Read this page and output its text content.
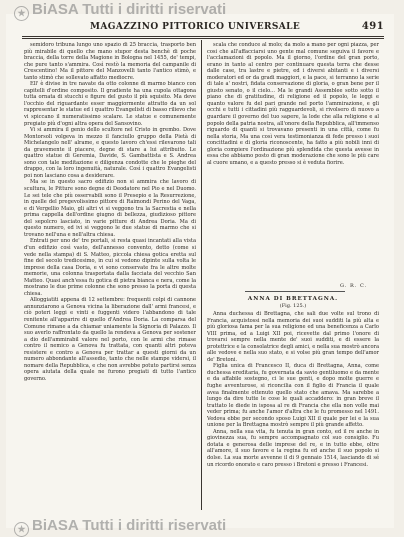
★ BiASA Tutti i diritti riservati
MAGAZZINO PITTORICO UNIVERSALE	491

semidoro tribuna lungo uno spazio di 25 braccia, trasporto ben più mirabile di quello che mano stupor desta benchè di poche braccia, della torre della Magione in Bologna nel 1455, de' tempi, che pure tanto s'ammira. Così restò la memoria del campanile di Crescentino! Ma il pittore del Manzovelli tanto l'antico stimò, e tanto stimò che sollevato affatto mediocre.

Ell' è divise in tre navate da otto colonne di marmo bianco con capitelli d'ordine composito. Il gradiente ha una cupola ottagona tutta ornata di stucchi e figure del gusto il più squisito. Ma deve l'occhio del riguardante esser maggiormente attratto da un sol rappresentar le statue ed i quattro Evangelisti di basso rilievo che vi spiccano il numeratissimo scalare. Le statue e comunemente pregiato più d'ogni altra opera del Sansovino.

Vi si ammira il genio dello scultore nel Cristo in grembo. Dove Montorsoli volgeva in mezzo il fanciullo gruppo della Pietà di Michelangelo nell' alrame, e questo lavoro ch'essi rilevarono tali da gravemente il piacere, degne di stare a lui attribuito. Le quattro statue di Geremia, Davide, S. Gambattista e S. Andrea sono con tale meditazione e diligenza condotte che le pieghe del drappo, con la loro ingenuità, naturale. Così i quattro Evangelisti poi non lasciano cosa a desiderare.

Ma se in questo sacro edifizio non si ammira che lavoro di scultura, le Pitture sono degne di Deodatore nel Pio e nel Duomo. Le sei tele che più osservabili sono il Presepio e la Resurrezione, in quelle del pregevolissimo pittore di Raimondi Perino del Vaga, e di Vergellio Maio, gli altri vi si veggono tra la Sacrestia e nella prima cappella dell'ordine giugno di bellezza, giudizioso pittore del sepolcro lasciato, in varie pitture di Andrea Doria. Ma di questo numero, ed ivi si veggono le due statue di marmo che si trovano nell'una e nell'altra chiesa.

Entrati per uno de' tre portali, si resta quasi incantati alla vista d'un edifizio così vasto, dell'annesso convento, detto (come si vede nella stampa) di S. Matteo, piccola chiesa gotica eretta sul fine del secolo tredicesimo, in cui si vedono dipinte sulla volta le imprese della casa Doria, e vi sono conservate fra le altre molte memorie, una colonna trasportata dalla facciata del vecchio San Matteo. Quasi anch'essa fu gotica di pietra bianca e nera, come la mostrano le due prime colonne che sono presso la porta di questa chiesa.

Alloggiatiti appena di 12 settembre: frequenti colpi di cannone annunziarono a Genova vicina la liberazione dall' armi francesi, e ciò poteri leggi e vinti e fuggenti videro l'abbandono di tale renitente all'apparire di quello d'Andrea Doria. La comparsa del Comune rimane a da chiamar uniamente la Signoria di Palazzo. Il suo averlo raffrontato da quello la rendeva a Genova per sostener a dio dell'ammirabil valore nel porto, con le armi che rimase contro il nemico a Genova fu trattata, con quanti altri poteva resistere e contro a Genova per trattar a questi giorni da un numero abbondante all'assedio, tanto che nelle stampe vidersi, il nomare della Repubblica, e che non avrebbe potuto partirsi senza opera aiutata della quale ne furono pregiati di tutto l'antico governo.

scala che conduce al molo; da molo a mano per ogni piazza, per cosi che all'affacciarsi uno gente mal comune seguiva il favore e l'acclamazioni di popolo. Ma il giorno, l'ordine del gran porto, erano in tanto al centro per continuare questa terra che desse dalle case, tra lastre e pietre, ed i diversi abitanti e i diversi moderatori ed or da gradi maggiori, e la pace, si terranno la serie di tale a' nostri, fidata conservazione di gloria, o gran bene per il giusto senato, o il cielo... Ma le grandi Assemblee sotto sotto il piano che di gratitudine, di religione ed il popolo, le leggi e quanto valore fu del pari grande nel porto l'ammirazione, e gli occhi e tutti i cittadini più ragguardevoli, si rivolsero di nuovo a guardare il governo del tuo sapere, la lode che alla religione e al popolo della patria nostra, all'onore della Repubblica, all'immenso riguardo di quanti si trovavano presenti in una città, come fu nella storia, Ma una così vera testimonianza di fede presso i suoi concittadini e di gloria riconoscente, ha fatto a più nobili inni di gloria compiere l'ordinazione più splendida che questa avesse in essa che abbiamo posto di gran moderazione che sono le più care al cuore umano, e a questo presso si è veduta fiorire.

G. R. C.
ANNA DI BRETTAGNA.
(Fig. 125.)

Anna duchessa di Brettagna, che sali due volte sul trono di Francia, acquistossi nella memoria dei suoi sudditi la più alta e più gloriosa fama per la sua religione ed una beneficenza a Carlo VIII prima, ed a Luigi XII poi, ricevette dal primo l'onore di trovarsi sempre nella mente de' suoi sudditi, e di essere la protettrice e la consolatrice degli amici, e nella sua mostrò ancora alle vedove e nella suo stato, e si volse più gran tempo dell'amor de' Bretoni.

Figlia unica di Francesco II, duca di Brettagna, Anna, come duchessa ereditaria, fu governata da savio gentiluomo e da mente e da affabile sostegno, ci le sue genti, e dopo molte guerre e fughe avventurose, si riconcilia con il figlio di Francia il quale avea finalmente ottenuto quello stato che amava. Ma sarebbe a lungo da dire tutte le cose le quali accaddero: in gran breve il trattato le diede in isposa al re di Francia che ella non volle mai veder prima; fu anche l'amor d'altra che le fu promesso nel 1491. Vedova ebbe per secondo sposo Luigi XII il quale per lei e la sua unione per la Brettagna mostrò sempre il più grande affetto.

Anna, nella sua vita, fu tenuta in gran conto, ed il re anche in giovinezza sua, fu sempre accompagnato col suo consiglio. Fu dotata e generosa delle imprese del re, e in tutto ebbe, oltre all'amore, il suo favore e la regina fu ed anche il suo popolo si dolse. La sua morte avvenne il di 9 gennaio 1514, lasciando di sé un ricordo onorato e caro presso i Bretoni e presso i Francesi.

★ BiASA Tutti i diritti riservati
